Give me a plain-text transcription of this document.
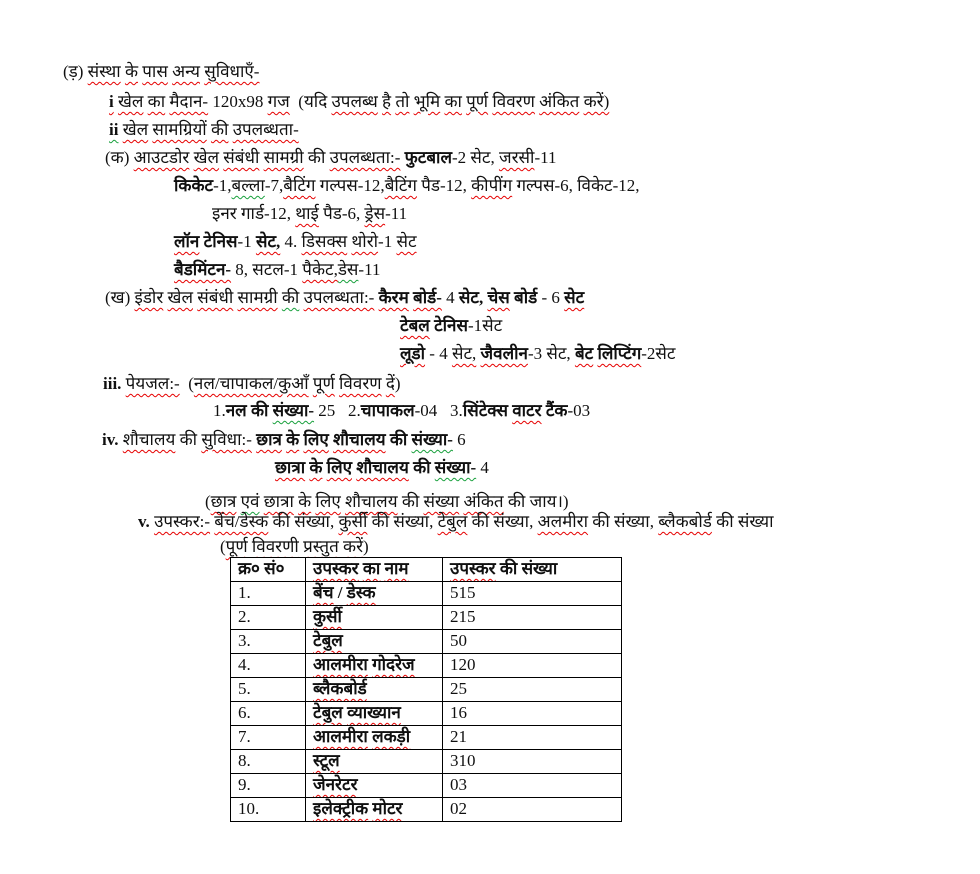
(ड़) संस्था के पास अन्य सुविधाएँ-
i खेल का मैदान- 120x98 गज  (यदि उपलब्ध है तो भूमि का पूर्ण विवरण अंकित करें)
ii खेल सामग्रियों की उपलब्धता-
(क) आउटडोर खेल संबंधी सामग्री की उपलब्धता:- फुटबाल-2 सेट, जरसी-11
किकेट-1,बल्ला-7,बैटिंग गल्पस-12,बैटिंग पैड-12, कीपींग गल्पस-6, विकेट-12,
इनर गार्ड-12, थाई पैड-6, ड्रेस-11
लॉन टेनिस-1 सेट, 4. डिसक्स थोरो-1 सेट
बैडमिंटन- 8, सटल-1 पैकेट,डेस-11
(ख) इंडोर खेल संबंधी सामग्री की उपलब्धता:- कैरम बोर्ड- 4 सेट, चेस बोर्ड - 6 सेट
टेबल टेनिस-1सेट
लूडो - 4 सेट, जैवलीन-3 सेट, बेट लिप्टिंग-2सेट
iii. पेयजल:-  (नल/चापाकल/कुआँ पूर्ण विवरण दें)
1.नल की संख्या- 25   2.चापाकल-04   3.सिंटेक्स वाटर टैंक-03
iv. शौचालय की सुविधा:- छात्र के लिए शौचालय की संख्या- 6
छात्रा के लिए शौचालय की संख्या- 4
(छात्र एवं छात्रा के लिए शौचालय की संख्या अंकित की जाय।)
v. उपस्कर:- बेंच/डेस्क की संख्या, कुर्सी की संख्या, टेबुल की संख्या, अलमीरा की संख्या, ब्लैकबोर्ड की संख्या
(पूर्ण विवरणी प्रस्तुत करें)
क्र० सं०	उपस्कर का नाम	उपस्कर की संख्या
1.	बेंच / डेस्क	515
2.	कुर्सी	215
3.	टेबुल	50
4.	आलमीरा गोदरेज	120
5.	ब्लैकबोर्ड	25
6.	टेबुल व्याख्यान	16
7.	आलमीरा लकड़ी	21
8.	स्टूल	310
9.	जेनरेटर	03
10.	इलेक्ट्रीक मोटर	02
